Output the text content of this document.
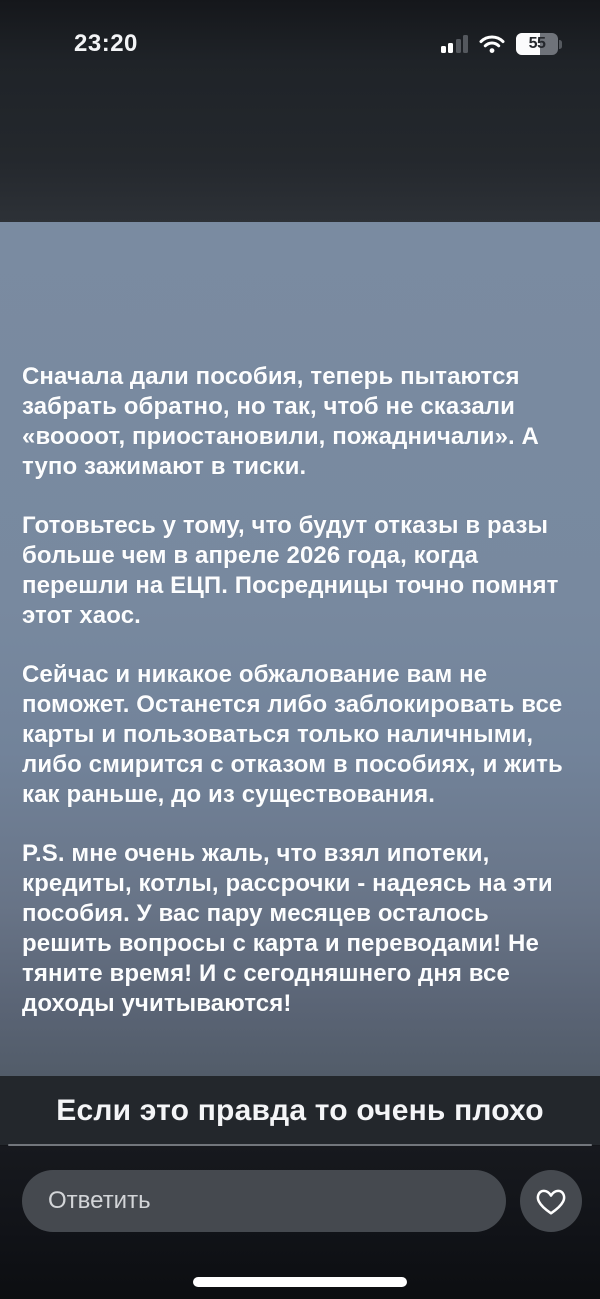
23:20	55

Сначала дали пособия, теперь пытаются забрать обратно, но так, чтоб не сказали «воооот, приостановили, пожадничали». А тупо зажимают в тиски.

Готовьтесь у тому, что будут отказы в разы больше чем в апреле 2026 года, когда перешли на ЕЦП. Посредницы точно помнят этот хаос.

Сейчас и никакое обжалование вам не поможет. Останется либо заблокировать все карты и пользоваться только наличными, либо смирится с отказом в пособиях, и жить как раньше, до из существования.

P.S. мне очень жаль, что взял ипотеки, кредиты, котлы, рассрочки - надеясь на эти пособия. У вас пару месяцев осталось решить вопросы с карта и переводами! Не тяните время! И с сегодняшнего дня все доходы учитываются!

Если это правда то очень плохо
Ответить
